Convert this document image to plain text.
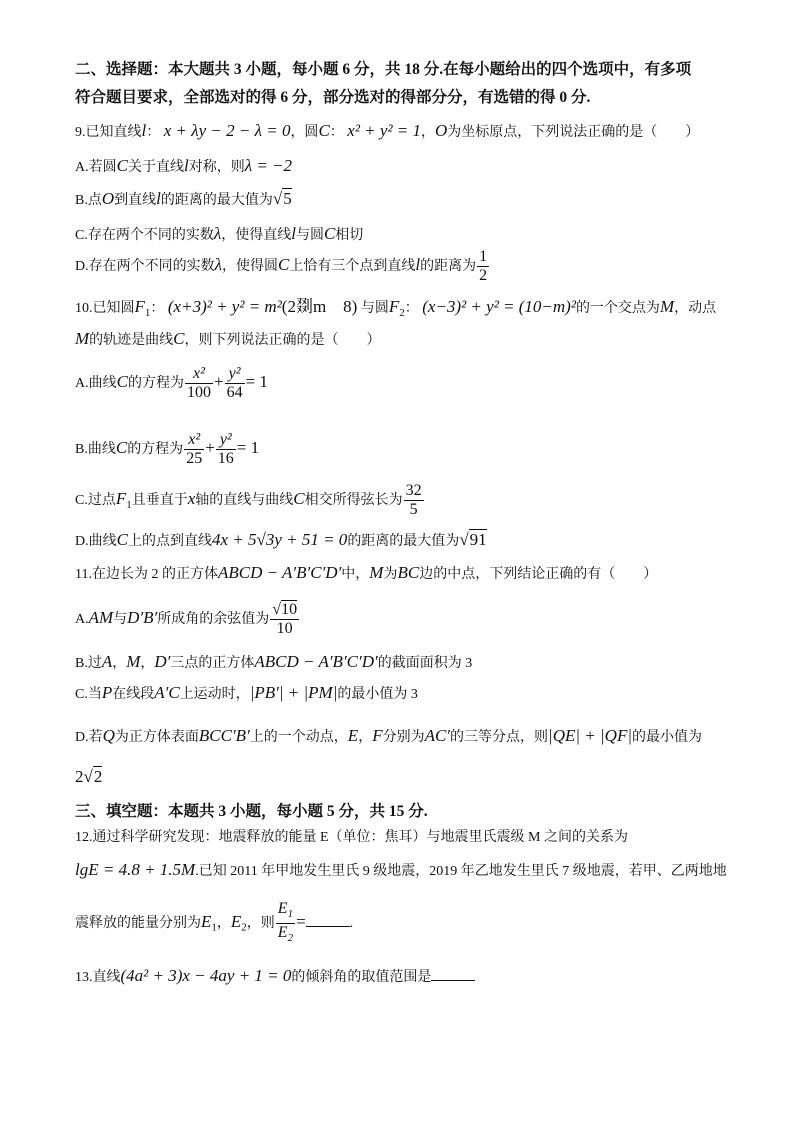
二、选择题：本大题共 3 小题，每小题 6 分，共 18 分.在每小题给出的四个选项中，有多项
符合题目要求，全部选对的得 6 分，部分选对的得部分分，有选错的得 0 分.
9.已知直线l： x + λy − 2 − λ = 0，圆C： x² + y² = 1，O为坐标原点，下列说法正确的是（　　）
A.若圆C关于直线l对称，则λ = −2
B.点O到直线l的距离的最大值为√5
C.存在两个不同的实数λ，使得直线l与圆C相切
D.存在两个不同的实数λ，使得圆C上恰有三个点到直线l的距离为 $\frac{1}{2}$
10.已知圆$F_1$： (x+3)² + y² = m²(2剟m　8) 与圆$F_2$： (x−3)² + y² = (10−m)²的一个交点为M，动点
M的轨迹是曲线C，则下列说法正确的是（　　）
A.曲线C的方程为 $\frac{\text{x²}}{100} + \frac{\text{y²}}{64} = 1$
B.曲线C的方程为 $\frac{\text{x²}}{25} + \frac{\text{y²}}{16} = 1$
C.过点$F_1$且垂直于x轴的直线与曲线C相交所得弦长为 $\frac{32}{5}$
D.曲线C上的点到直线4x + 5√3y + 51 = 0的距离的最大值为√91
11.在边长为 2 的正方体ABCD − A′B′C′D′中，M为BC边的中点，下列结论正确的有（　　）
A.AM与D′B′所成角的余弦值为 $\frac{√10}{10}$
B.过A，M，D′三点的正方体ABCD − A′B′C′D′的截面面积为 3
C.当P在线段A′C上运动时，|PB′| + |PM|的最小值为 3
D.若Q为正方体表面BCC′B′上的一个动点，E，F分别为AC′的三等分点，则|QE| + |QF|的最小值为
2√2
三、填空题：本题共 3 小题，每小题 5 分，共 15 分.
12.通过科学研究发现：地震释放的能量 E（单位：焦耳）与地震里氏震级 M 之间的关系为
lgE = 4.8 + 1.5M.已知 2011 年甲地发生里氏 9 级地震，2019 年乙地发生里氏 7 级地震，若甲、乙两地地
震释放的能量分别为$E_1$，$E_2$，则 $\frac{E_1}{E_2}$ =	.
13.直线(4a² + 3)x − 4ay + 1 = 0的倾斜角的取值范围是
